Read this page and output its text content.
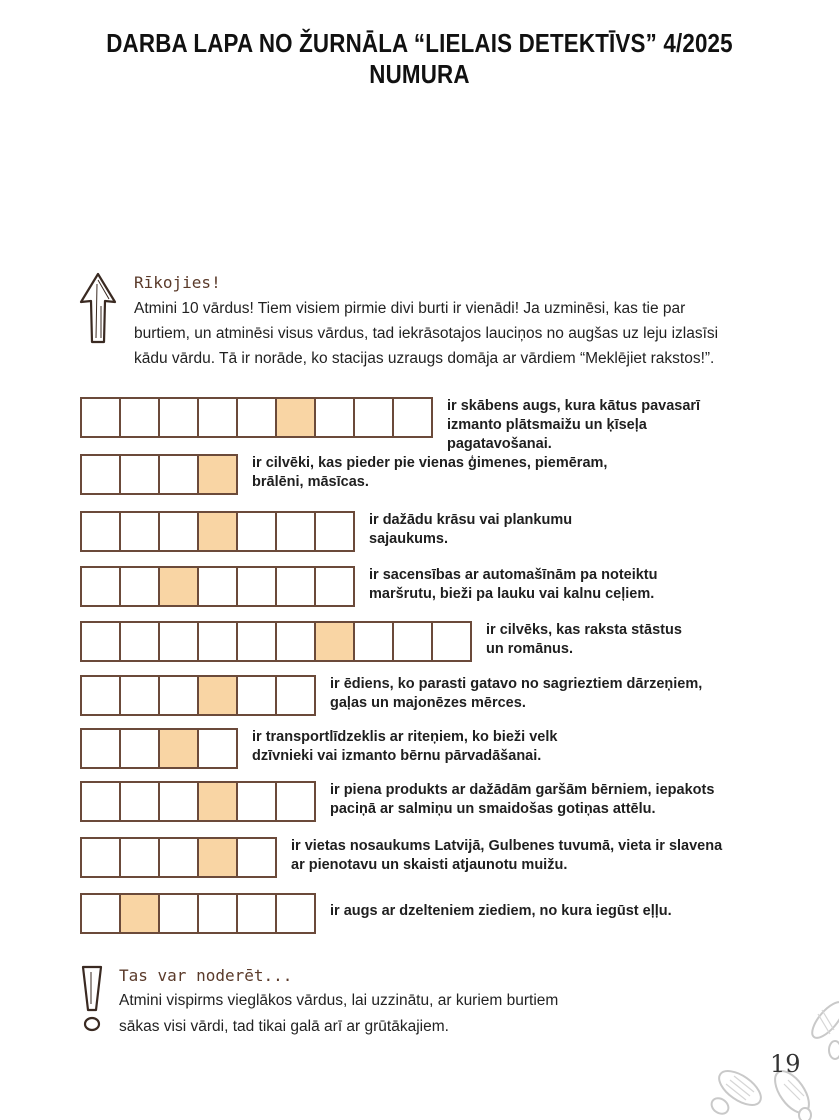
DARBA LAPA NO ŽURNĀLA “LIELAIS DETEKTĪVS” 4/2025 NUMURA
Rīkojies!
Atmini 10 vārdus! Tiem visiem pirmie divi burti ir vienādi! Ja uzminēsi, kas tie par
burtiem, un atminēsi visus vārdus, tad iekrāsotajos lauciņos no augšas uz leju izlasīsi
kādu vārdu. Tā ir norāde, ko stacijas uzraugs domāja ar vārdiem “Meklējiet rakstos!”.
ir skābens augs, kura kātus pavasarī
izmanto plātsmaižu un ķīseļa
pagatavošanai.
ir cilvēki, kas pieder pie vienas ģimenes, piemēram,
brālēni, māsīcas.
ir dažādu krāsu vai plankumu
sajaukums.
ir sacensības ar automašīnām pa noteiktu
maršrutu, bieži pa lauku vai kalnu ceļiem.
ir cilvēks, kas raksta stāstus
un romānus.
ir ēdiens, ko parasti gatavo no sagrieztiem dārzeņiem,
gaļas un majonēzes mērces.
ir transportlīdzeklis ar riteņiem, ko bieži velk
dzīvnieki vai izmanto bērnu pārvadāšanai.
ir piena produkts ar dažādām garšām bērniem, iepakots
paciņā ar salmiņu un smaidošas gotiņas attēlu.
ir vietas nosaukums Latvijā, Gulbenes tuvumā, vieta ir slavena
ar pienotavu un skaisti atjaunotu muižu.
ir augs ar dzelteniem ziediem, no kura iegūst eļļu.
Tas var noderēt...
Atmini vispirms vieglākos vārdus, lai uzzinātu, ar kuriem burtiem
sākas visi vārdi, tad tikai galā arī ar grūtākajiem.
19
